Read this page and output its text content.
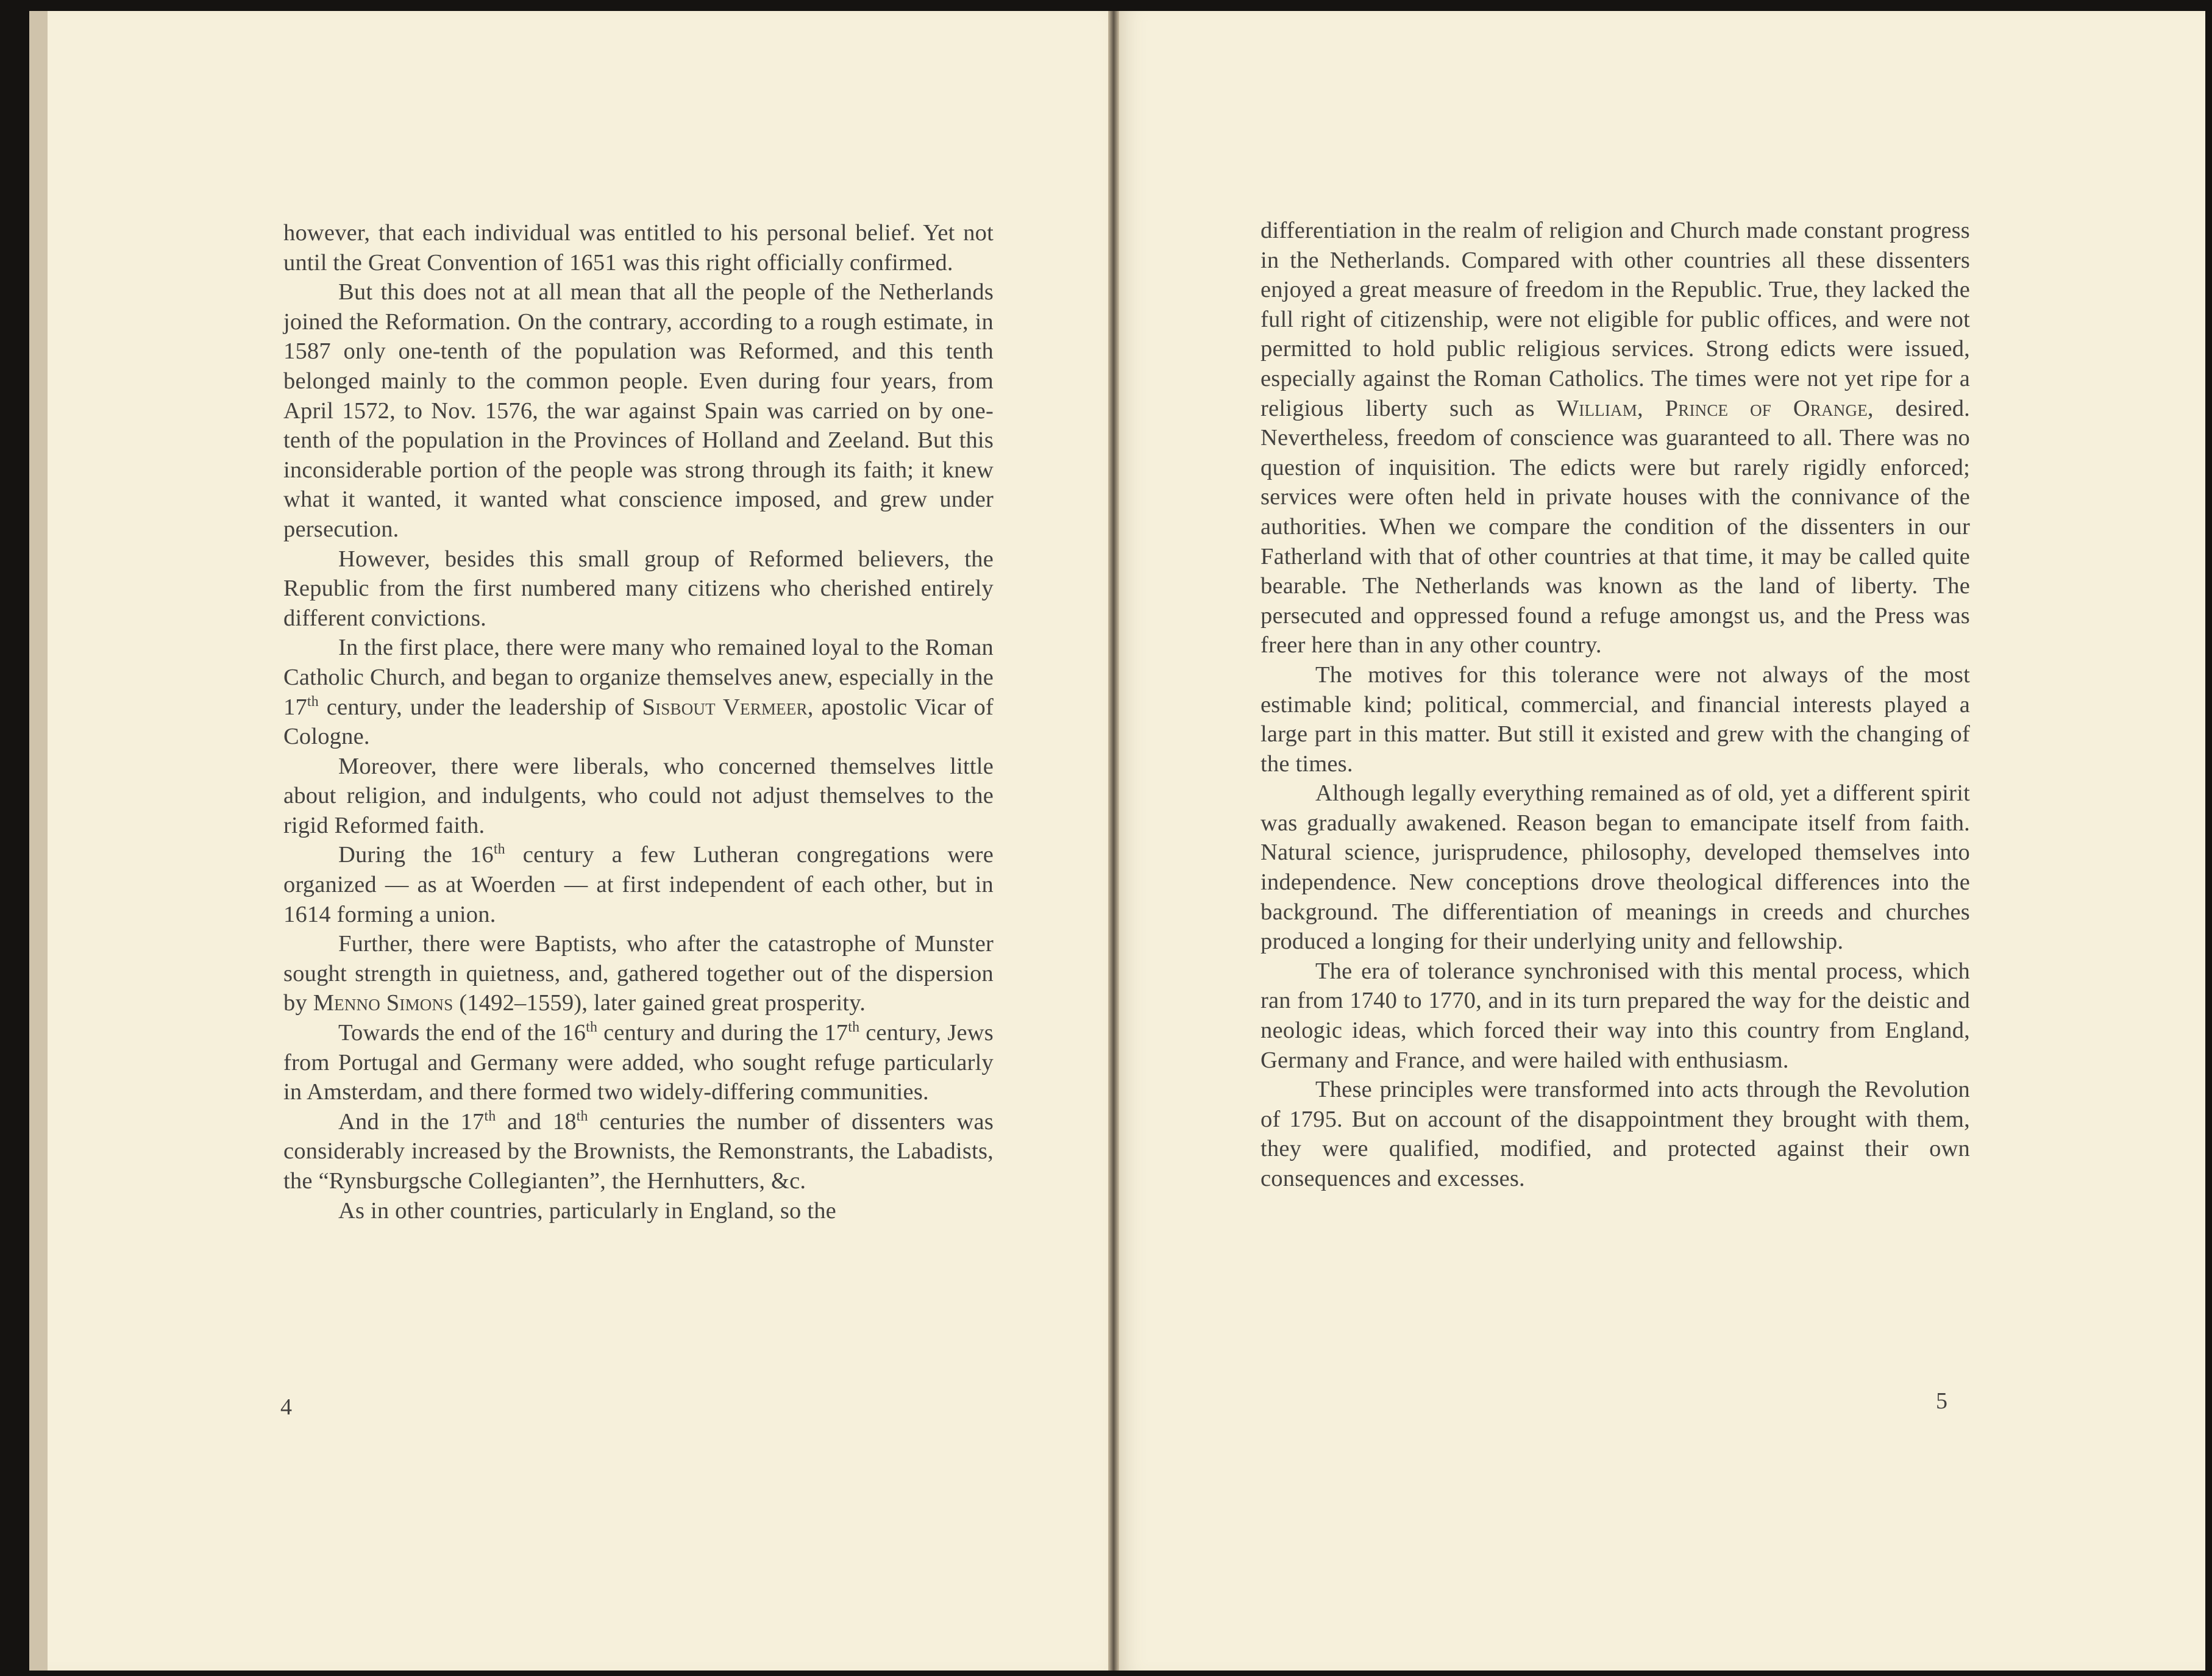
however, that each individual was entitled to his personal belief. Yet not until the Great Convention of 1651 was this right officially confirmed.

But this does not at all mean that all the people of the Netherlands joined the Reformation. On the contrary, according to a rough estimate, in 1587 only one-tenth of the population was Reformed, and this tenth belonged mainly to the common people. Even during four years, from April 1572, to Nov. 1576, the war against Spain was carried on by one-tenth of the population in the Provinces of Holland and Zeeland. But this inconsiderable portion of the people was strong through its faith; it knew what it wanted, it wanted what conscience imposed, and grew under persecution.

However, besides this small group of Reformed believers, the Republic from the first numbered many citizens who cherished entirely different convictions.

In the first place, there were many who remained loyal to the Roman Catholic Church, and began to organize themselves anew, especially in the 17th century, under the leadership of Sisbout Vermeer, apostolic Vicar of Cologne.

Moreover, there were liberals, who concerned themselves little about religion, and indulgents, who could not adjust themselves to the rigid Reformed faith.

During the 16th century a few Lutheran congregations were organized — as at Woerden — at first independent of each other, but in 1614 forming a union.

Further, there were Baptists, who after the catastrophe of Munster sought strength in quietness, and, gathered together out of the dispersion by Menno Simons (1492–1559), later gained great prosperity.

Towards the end of the 16th century and during the 17th century, Jews from Portugal and Germany were added, who sought refuge particularly in Amsterdam, and there formed two widely-differing communities.

And in the 17th and 18th centuries the number of dissenters was considerably increased by the Brownists, the Remonstrants, the Labadists, the “Rynsburgsche Collegianten”, the Hernhutters, &c.

As in other countries, particularly in England, so the

4

differentiation in the realm of religion and Church made constant progress in the Netherlands. Compared with other countries all these dissenters enjoyed a great measure of freedom in the Republic. True, they lacked the full right of citizenship, were not eligible for public offices, and were not permitted to hold public religious services. Strong edicts were issued, especially against the Roman Catholics. The times were not yet ripe for a religious liberty such as William, Prince of Orange, desired. Nevertheless, freedom of conscience was guaranteed to all. There was no question of inquisition. The edicts were but rarely rigidly enforced; services were often held in private houses with the connivance of the authorities. When we compare the condition of the dissenters in our Fatherland with that of other countries at that time, it may be called quite bearable. The Netherlands was known as the land of liberty. The persecuted and oppressed found a refuge amongst us, and the Press was freer here than in any other country.

The motives for this tolerance were not always of the most estimable kind; political, commercial, and financial interests played a large part in this matter. But still it existed and grew with the changing of the times.

Although legally everything remained as of old, yet a different spirit was gradually awakened. Reason began to emancipate itself from faith. Natural science, jurisprudence, philosophy, developed themselves into independence. New conceptions drove theological differences into the background. The differentiation of meanings in creeds and churches produced a longing for their underlying unity and fellowship.

The era of tolerance synchronised with this mental process, which ran from 1740 to 1770, and in its turn prepared the way for the deistic and neologic ideas, which forced their way into this country from England, Germany and France, and were hailed with enthusiasm.

These principles were transformed into acts through the Revolution of 1795. But on account of the disappointment they brought with them, they were qualified, modified, and protected against their own consequences and excesses.

5
